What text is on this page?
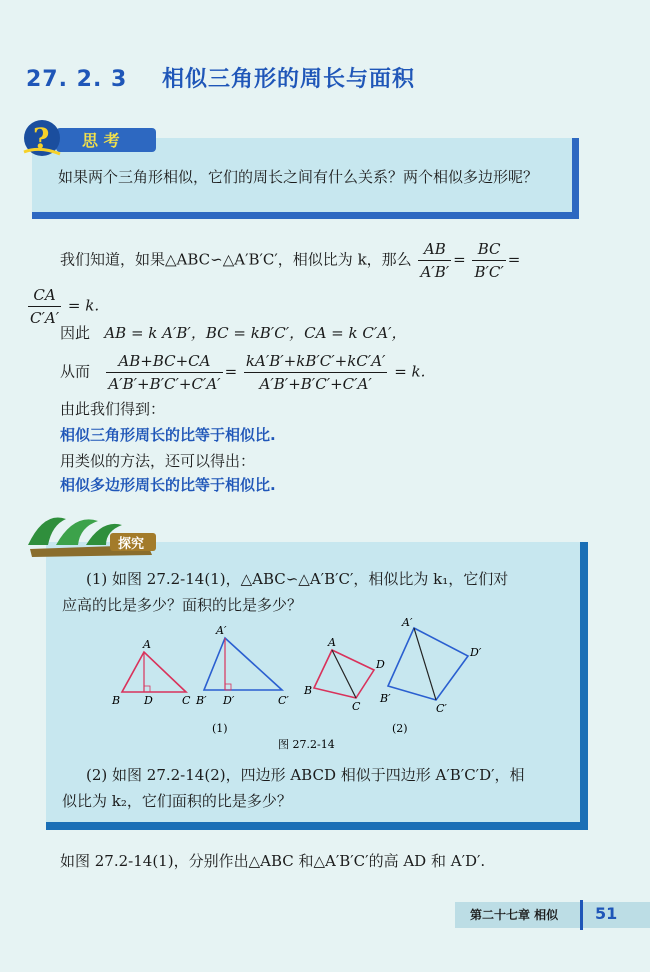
27. 2. 3 相似三角形的周长与面积
? 思 考
如果两个三角形相似，它们的周长之间有什么关系？两个相似多边形呢？
我们知道，如果△ABC∽△A′B′C′，相似比为 k，那么 $\frac{AB}{A'B'} = \frac{BC}{B'C'}$ =
$\frac{CA}{C'A'} = k$.
因此 AB = k A′B′，BC = kB′C′，CA = k C′A′，
从而 $\frac{AB+BC+CA}{A'B'+B'C'+C'A'} = \frac{kA'B'+kB'C'+kC'A'}{A'B'+B'C'+C'A'} = k$.
由此我们得到：
相似三角形周长的比等于相似比.
用类似的方法，还可以得出：
相似多边形周长的比等于相似比.
探究
(1) 如图 27.2-14(1)，△ABC∽△A′B′C′，相似比为 k₁，它们对
应高的比是多少？面积的比是多少？
A
B D	C
A′
B′ D′	C′
A
D
C
B
A′
D′
C′
B′
(1)	(2)
图 27.2-14
(2) 如图 27.2-14(2)，四边形 ABCD 相似于四边形 A′B′C′D′，相
似比为 k₂，它们面积的比是多少？
如图 27.2-14(1)，分别作出△ABC 和△A′B′C′的高 AD 和 A′D′.
第二十七章 相似 51
